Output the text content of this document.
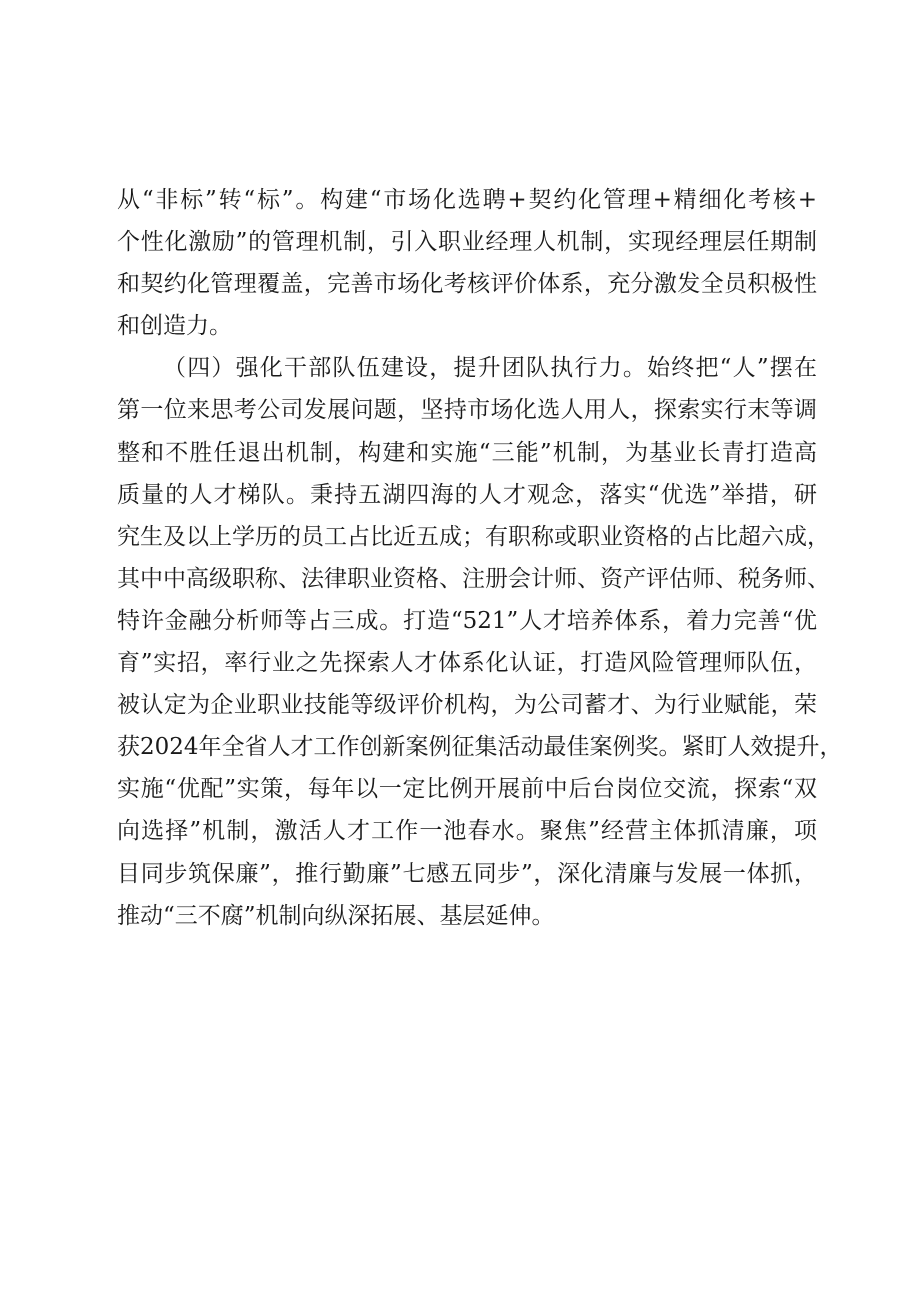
从“非标”转“标”。构建“市场化选聘+契约化管理+精细化考核+
个性化激励”的管理机制，引入职业经理人机制，实现经理层任期制
和契约化管理覆盖，完善市场化考核评价体系，充分激发全员积极性
和创造力。
（四）强化干部队伍建设，提升团队执行力。始终把“人”摆在
第一位来思考公司发展问题，坚持市场化选人用人，探索实行末等调
整和不胜任退出机制，构建和实施“三能”机制，为基业长青打造高
质量的人才梯队。秉持五湖四海的人才观念，落实“优选”举措，研
究生及以上学历的员工占比近五成；有职称或职业资格的占比超六成，
其中中高级职称、法律职业资格、注册会计师、资产评估师、税务师、
特许金融分析师等占三成。打造“521”人才培养体系，着力完善“优
育”实招，率行业之先探索人才体系化认证，打造风险管理师队伍，
被认定为企业职业技能等级评价机构，为公司蓄才、为行业赋能，荣
获2024年全省人才工作创新案例征集活动最佳案例奖。紧盯人效提升，
实施“优配”实策，每年以一定比例开展前中后台岗位交流，探索“双
向选择”机制，激活人才工作一池春水。聚焦”经营主体抓清廉，项
目同步筑保廉”，推行勤廉”七感五同步”，深化清廉与发展一体抓，
推动“三不腐”机制向纵深拓展、基层延伸。
